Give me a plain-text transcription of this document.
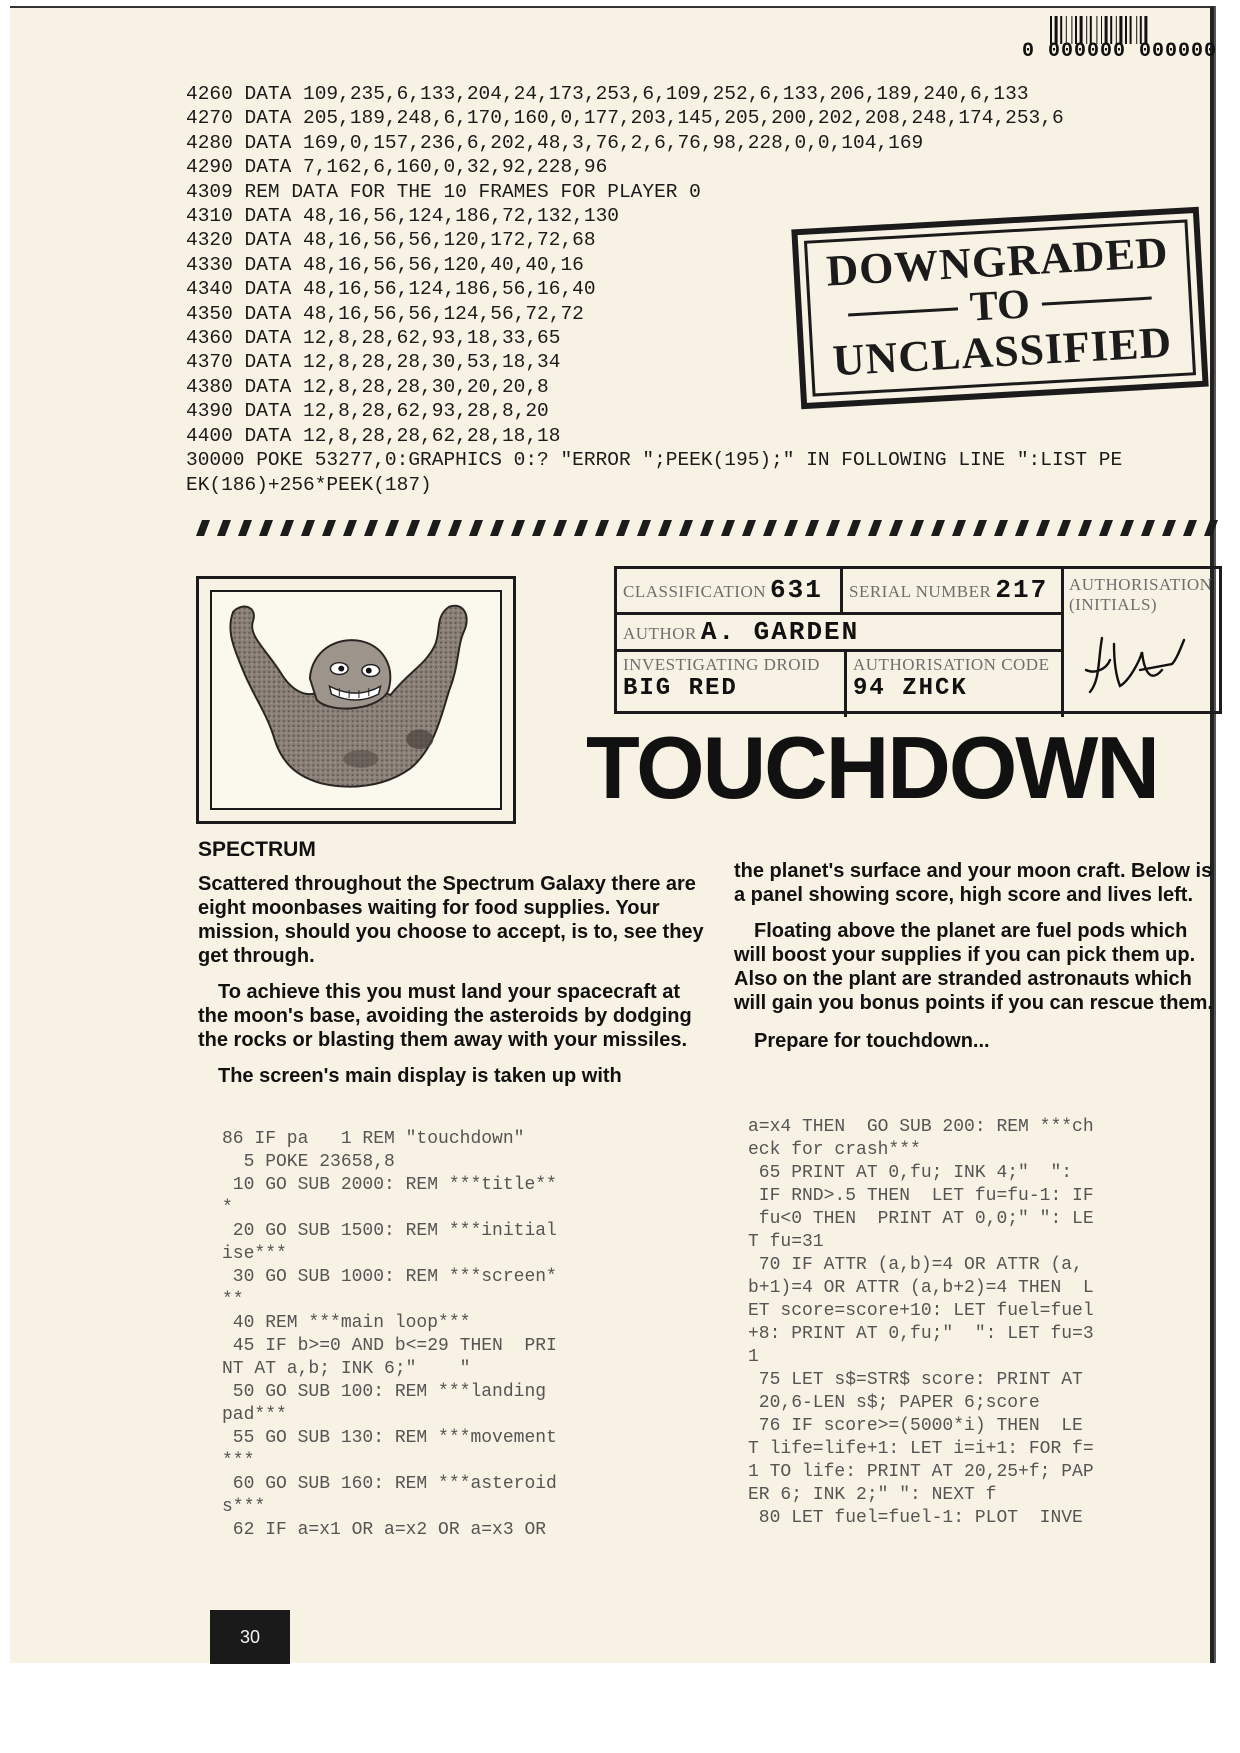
0 000000 000000
4260 DATA 109,235,6,133,204,24,173,253,6,109,252,6,133,206,189,240,6,133
4270 DATA 205,189,248,6,170,160,0,177,203,145,205,200,202,208,248,174,253,6
4280 DATA 169,0,157,236,6,202,48,3,76,2,6,76,98,228,0,0,104,169
4290 DATA 7,162,6,160,0,32,92,228,96
4309 REM DATA FOR THE 10 FRAMES FOR PLAYER 0
4310 DATA 48,16,56,124,186,72,132,130
4320 DATA 48,16,56,56,120,172,72,68
4330 DATA 48,16,56,56,120,40,40,16
4340 DATA 48,16,56,124,186,56,16,40
4350 DATA 48,16,56,56,124,56,72,72
4360 DATA 12,8,28,62,93,18,33,65
4370 DATA 12,8,28,28,30,53,18,34
4380 DATA 12,8,28,28,30,20,20,8
4390 DATA 12,8,28,62,93,28,8,20
4400 DATA 12,8,28,28,62,28,18,18
30000 POKE 53277,0:GRAPHICS 0:? "ERROR ";PEEK(195);" IN FOLLOWING LINE ":LIST PE
EK(186)+256*PEEK(187)
DOWNGRADED
TO
UNCLASSIFIED
CLASSIFICATION 631 SERIAL NUMBER 217 AUTHORISATION
(INITIALS)
AUTHOR A. GARDEN
INVESTIGATING DROID
BIG RED
AUTHORISATION CODE
94 ZHCK
TOUCHDOWN
SPECTRUM

Scattered throughout the Spectrum Galaxy there are eight moonbases waiting for food supplies. Your mission, should you choose to accept, is to, see they get through.

To achieve this you must land your spacecraft at the moon's base, avoiding the asteroids by dodging the rocks or blasting them away with your missiles.

The screen's main display is taken up with

the planet's surface and your moon craft. Below is a panel showing score, high score and lives left.

Floating above the planet are fuel pods which will boost your supplies if you can pick them up. Also on the plant are stranded astronauts which will gain you bonus points if you can rescue them.

Prepare for touchdown...

86 IF pa   1 REM "touchdown"
5 POKE 23658,8
10 GO SUB 2000: REM ***title**
*
20 GO SUB 1500: REM ***initial
ise***
30 GO SUB 1000: REM ***screen*
**
40 REM ***main loop***
45 IF b>=0 AND b<=29 THEN  PRI
NT AT a,b; INK 6;"    "
50 GO SUB 100: REM ***landing
pad***
55 GO SUB 130: REM ***movement
***
60 GO SUB 160: REM ***asteroid
s***
62 IF a=x1 OR a=x2 OR a=x3 OR
a=x4 THEN  GO SUB 200: REM ***ch
eck for crash***
65 PRINT AT 0,fu; INK 4;"  ":
IF RND>.5 THEN  LET fu=fu-1: IF
fu<0 THEN  PRINT AT 0,0;" ": LE
T fu=31
70 IF ATTR (a,b)=4 OR ATTR (a,
b+1)=4 OR ATTR (a,b+2)=4 THEN  L
ET score=score+10: LET fuel=fuel
+8: PRINT AT 0,fu;"  ": LET fu=3
1
75 LET s$=STR$ score: PRINT AT
20,6-LEN s$; PAPER 6;score
76 IF score>=(5000*i) THEN  LE
T life=life+1: LET i=i+1: FOR f=
1 TO life: PRINT AT 20,25+f; PAP
ER 6; INK 2;" ": NEXT f
80 LET fuel=fuel-1: PLOT  INVE
30
